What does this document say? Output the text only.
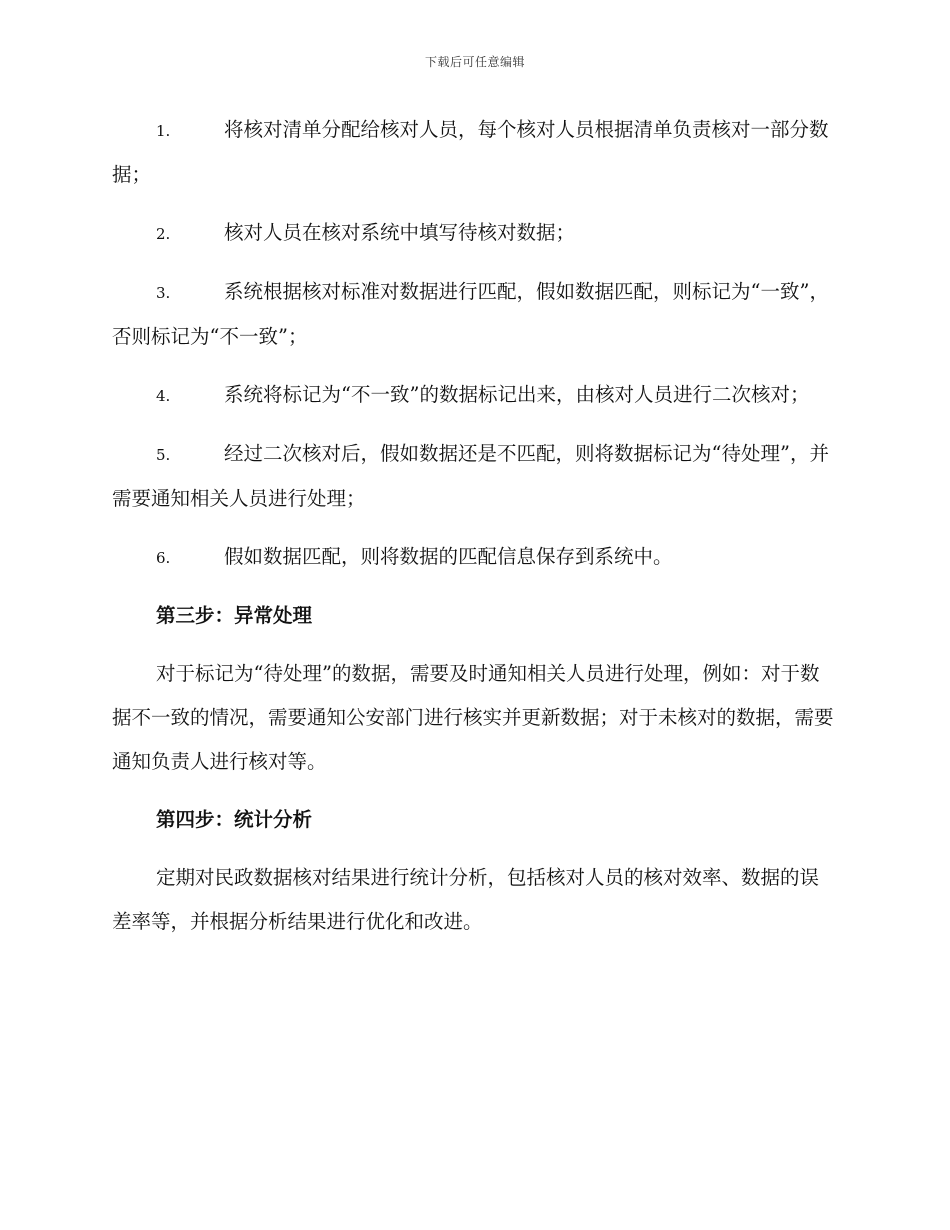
下载后可任意编辑
1.	将核对清单分配给核对人员，每个核对人员根据清单负责核对一部分数据；
2.	核对人员在核对系统中填写待核对数据；
3.	系统根据核对标准对数据进行匹配，假如数据匹配，则标记为“一致”，否则标记为“不一致”；
4.	系统将标记为“不一致”的数据标记出来，由核对人员进行二次核对；
5.	经过二次核对后，假如数据还是不匹配，则将数据标记为“待处理”，并需要通知相关人员进行处理；
6.	假如数据匹配，则将数据的匹配信息保存到系统中。
第三步：异常处理
对于标记为“待处理”的数据，需要及时通知相关人员进行处理，例如：对于数据不一致的情况，需要通知公安部门进行核实并更新数据；对于未核对的数据，需要通知负责人进行核对等。
第四步：统计分析
定期对民政数据核对结果进行统计分析，包括核对人员的核对效率、数据的误差率等，并根据分析结果进行优化和改进。
